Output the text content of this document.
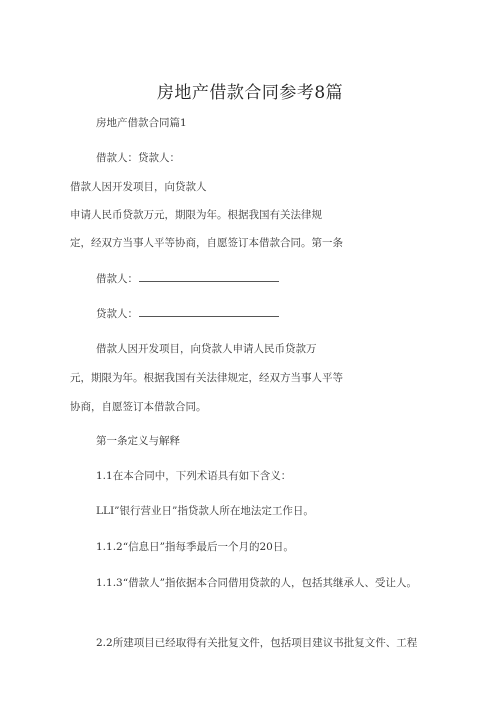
房地产借款合同参考8篇
房地产借款合同篇1
借款人：贷款人：
借款人因开发项目，向贷款人
申请人民币贷款万元，期限为年。根据我国有关法律规
定，经双方当事人平等协商，自愿签订本借款合同。第一条
借款人：
贷款人：
借款人因开发项目，向贷款人申请人民币贷款万
元，期限为年。根据我国有关法律规定，经双方当事人平等
协商，自愿签订本借款合同。
第一条定义与解释
1.1在本合同中，下列术语具有如下含义：
LLI”银行营业日”指贷款人所在地法定工作日。
1.1.2“信息日”指每季最后一个月的20日。
1.1.3“借款人”指依据本合同借用贷款的人，包括其继承人、受让人。
2.2所建项目已经取得有关批复文件，包括项目建议书批复文件、工程
